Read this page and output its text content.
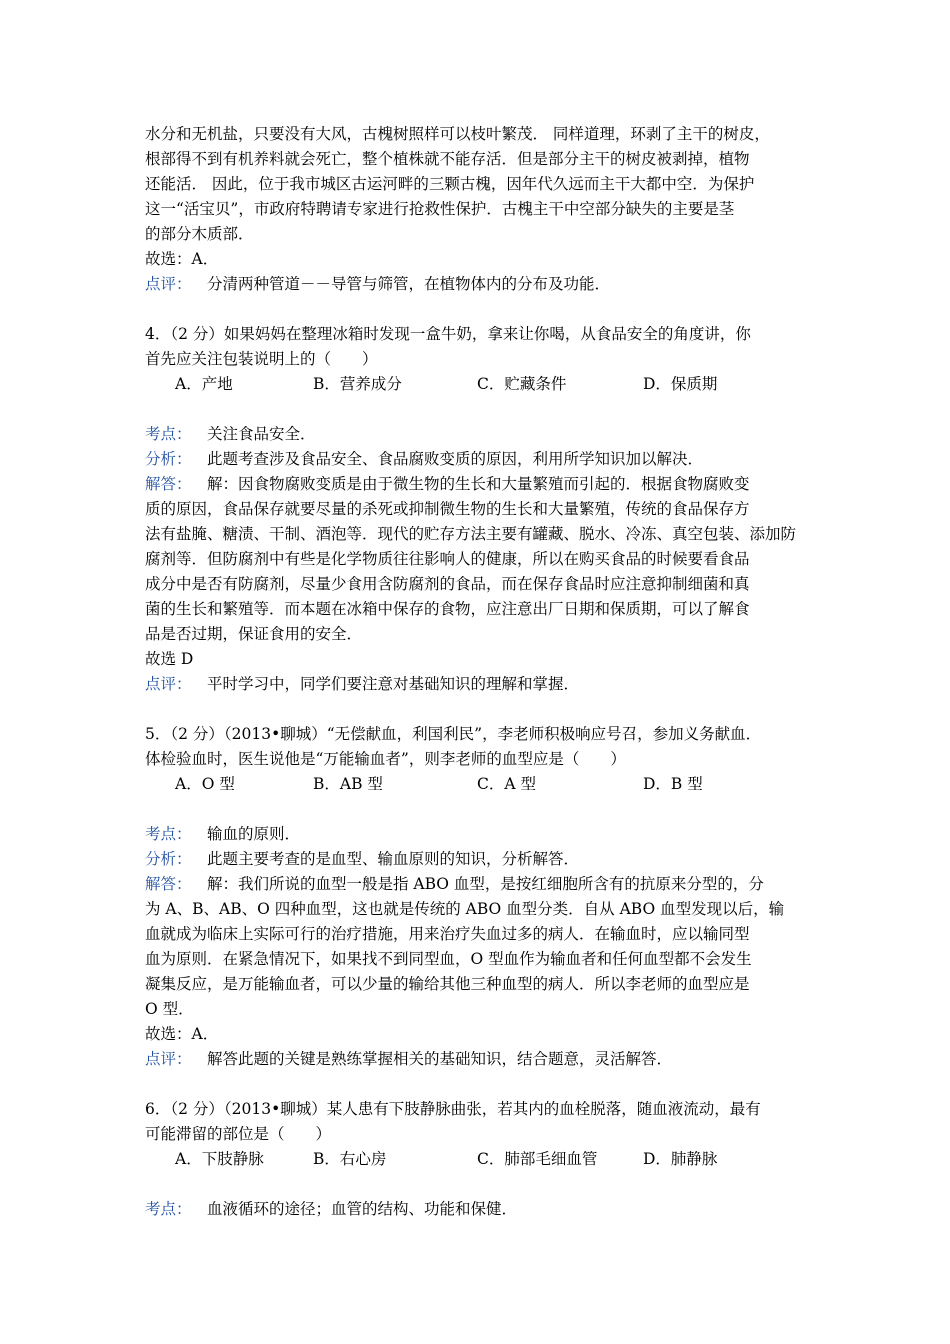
水分和无机盐，只要没有大风，古槐树照样可以枝叶繁茂． 同样道理，环剥了主干的树皮，
根部得不到有机养料就会死亡，整个植株就不能存活．但是部分主干的树皮被剥掉，植物
还能活． 因此，位于我市城区古运河畔的三颗古槐，因年代久远而主干大都中空．为保护
这一“活宝贝”，市政府特聘请专家进行抢救性保护．古槐主干中空部分缺失的主要是茎
的部分木质部．
故选：A．
点评： 分清两种管道－－导管与筛管，在植物体内的分布及功能．
4．（2 分）如果妈妈在整理冰箱时发现一盒牛奶，拿来让你喝，从食品安全的角度讲，你
首先应关注包装说明上的（　　）
A．产地	B．营养成分	C．贮藏条件	D．保质期
考点： 关注食品安全．
分析： 此题考查涉及食品安全、食品腐败变质的原因，利用所学知识加以解决．
解答： 解：因食物腐败变质是由于微生物的生长和大量繁殖而引起的．根据食物腐败变
质的原因，食品保存就要尽量的杀死或抑制微生物的生长和大量繁殖，传统的食品保存方
法有盐腌、糖渍、干制、酒泡等．现代的贮存方法主要有罐藏、脱水、冷冻、真空包装、添加防
腐剂等．但防腐剂中有些是化学物质往往影响人的健康，所以在购买食品的时候要看食品
成分中是否有防腐剂，尽量少食用含防腐剂的食品，而在保存食品时应注意抑制细菌和真
菌的生长和繁殖等．而本题在冰箱中保存的食物，应注意出厂日期和保质期，可以了解食
品是否过期，保证食用的安全．
故选 D
点评： 平时学习中，同学们要注意对基础知识的理解和掌握．
5．（2 分）（2013•聊城）“无偿献血，利国利民”，李老师积极响应号召，参加义务献血．
体检验血时，医生说他是“万能输血者”，则李老师的血型应是（　　）
A．O 型	B．AB 型	C．A 型	D．B 型
考点： 输血的原则．
分析： 此题主要考查的是血型、输血原则的知识，分析解答．
解答： 解：我们所说的血型一般是指 ABO 血型，是按红细胞所含有的抗原来分型的，分
为 A、B、AB、O 四种血型，这也就是传统的 ABO 血型分类．自从 ABO 血型发现以后，输
血就成为临床上实际可行的治疗措施，用来治疗失血过多的病人．在输血时，应以输同型
血为原则．在紧急情况下，如果找不到同型血，O 型血作为输血者和任何血型都不会发生
凝集反应，是万能输血者，可以少量的输给其他三种血型的病人．所以李老师的血型应是
O 型．
故选：A．
点评： 解答此题的关键是熟练掌握相关的基础知识，结合题意，灵活解答．
6．（2 分）（2013•聊城）某人患有下肢静脉曲张，若其内的血栓脱落，随血液流动，最有
可能滞留的部位是（　　）
A．下肢静脉	B．右心房	C．肺部毛细血管	D．肺静脉
考点： 血液循环的途径；血管的结构、功能和保健．
